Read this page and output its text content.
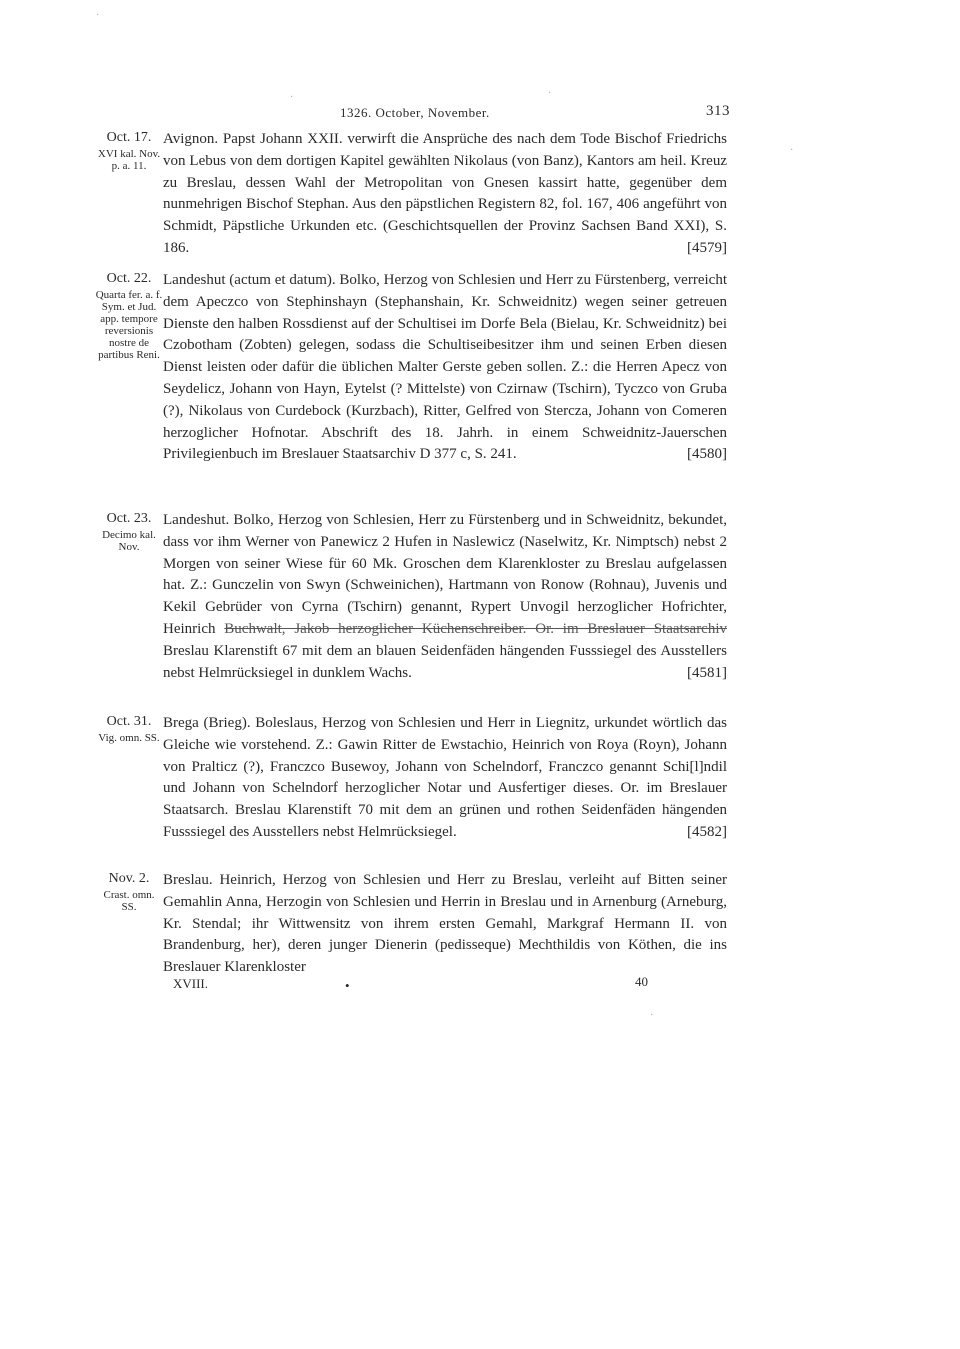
1326. October, November.	313
Oct. 17.
XVI kal. Nov. p. a. 11.

Avignon. Papst Johann XXII. verwirft die Ansprüche des nach dem Tode Bischof Friedrichs von Lebus von dem dortigen Kapitel gewählten Nikolaus (von Banz), Kantors am heil. Kreuz zu Breslau, dessen Wahl der Metropolitan von Gnesen kassirt hatte, gegenüber dem nunmehrigen Bischof Stephan. Aus den päpstlichen Registern 82, fol. 167, 406 angeführt von Schmidt, Päpstliche Urkunden etc. (Geschichtsquellen der Provinz Sachsen Band XXI), S. 186.	[4579]

Oct. 22.
Quarta fer. a. f. Sym. et Jud. app. tempore reversionis nostre de partibus Reni.

Landeshut (actum et datum). Bolko, Herzog von Schlesien und Herr zu Fürstenberg, verreicht dem Apeczco von Stephinshayn (Stephanshain, Kr. Schweidnitz) wegen seiner getreuen Dienste den halben Rossdienst auf der Schultisei im Dorfe Bela (Bielau, Kr. Schweidnitz) bei Czobotham (Zobten) gelegen, sodass die Schultiseibesitzer ihm und seinen Erben diesen Dienst leisten oder dafür die üblichen Malter Gerste geben sollen. Z.: die Herren Apecz von Seydelicz, Johann von Hayn, Eytelst (? Mittelste) von Czirnaw (Tschirn), Tyczco von Gruba (?), Nikolaus von Curdebock (Kurzbach), Ritter, Gelfred von Stercza, Johann von Comeren herzoglicher Hofnotar. Abschrift des 18. Jahrh. in einem Schweidnitz-Jauerschen Privilegienbuch im Breslauer Staatsarchiv D 377 c, S. 241.	[4580]

Oct. 23.
Decimo kal. Nov.

Landeshut. Bolko, Herzog von Schlesien, Herr zu Fürstenberg und in Schweidnitz, bekundet, dass vor ihm Werner von Panewicz 2 Hufen in Naslewicz (Naselwitz, Kr. Nimptsch) nebst 2 Morgen von seiner Wiese für 60 Mk. Groschen dem Klarenkloster zu Breslau aufgelassen hat. Z.: Gunczelin von Swyn (Schweinichen), Hartmann von Ronow (Rohnau), Juvenis und Kekil Gebrüder von Cyrna (Tschirn) genannt, Rypert Unvogil herzoglicher Hofrichter, Heinrich Buchwalt, Jakob herzoglicher Küchenschreiber. Or. im Breslauer Staatsarchiv Breslau Klarenstift 67 mit dem an blauen Seidenfäden hängenden Fusssiegel des Ausstellers nebst Helmrücksiegel in dunklem Wachs.	[4581]

Oct. 31.
Vig. omn. SS.

Brega (Brieg). Boleslaus, Herzog von Schlesien und Herr in Liegnitz, urkundet wörtlich das Gleiche wie vorstehend. Z.: Gawin Ritter de Ewstachio, Heinrich von Roya (Royn), Johann von Pralticz (?), Franczco Busewoy, Johann von Schelndorf, Franczco genannt Schi[l]ndil und Johann von Schelndorf herzoglicher Notar und Ausfertiger dieses. Or. im Breslauer Staatsarch. Breslau Klarenstift 70 mit dem an grünen und rothen Seidenfäden hängenden Fusssiegel des Ausstellers nebst Helmrücksiegel.	[4582]

Nov. 2.
Crast. omn. SS.

Breslau. Heinrich, Herzog von Schlesien und Herr zu Breslau, verleiht auf Bitten seiner Gemahlin Anna, Herzogin von Schlesien und Herrin in Breslau und in Arnenburg (Arneburg, Kr. Stendal; ihr Wittwensitz von ihrem ersten Gemahl, Markgraf Hermann II. von Brandenburg, her), deren junger Dienerin (pedisseque) Mechthildis von Köthen, die ins Breslauer Klarenkloster

XVIII.	•	40
·
·	·
·
·
